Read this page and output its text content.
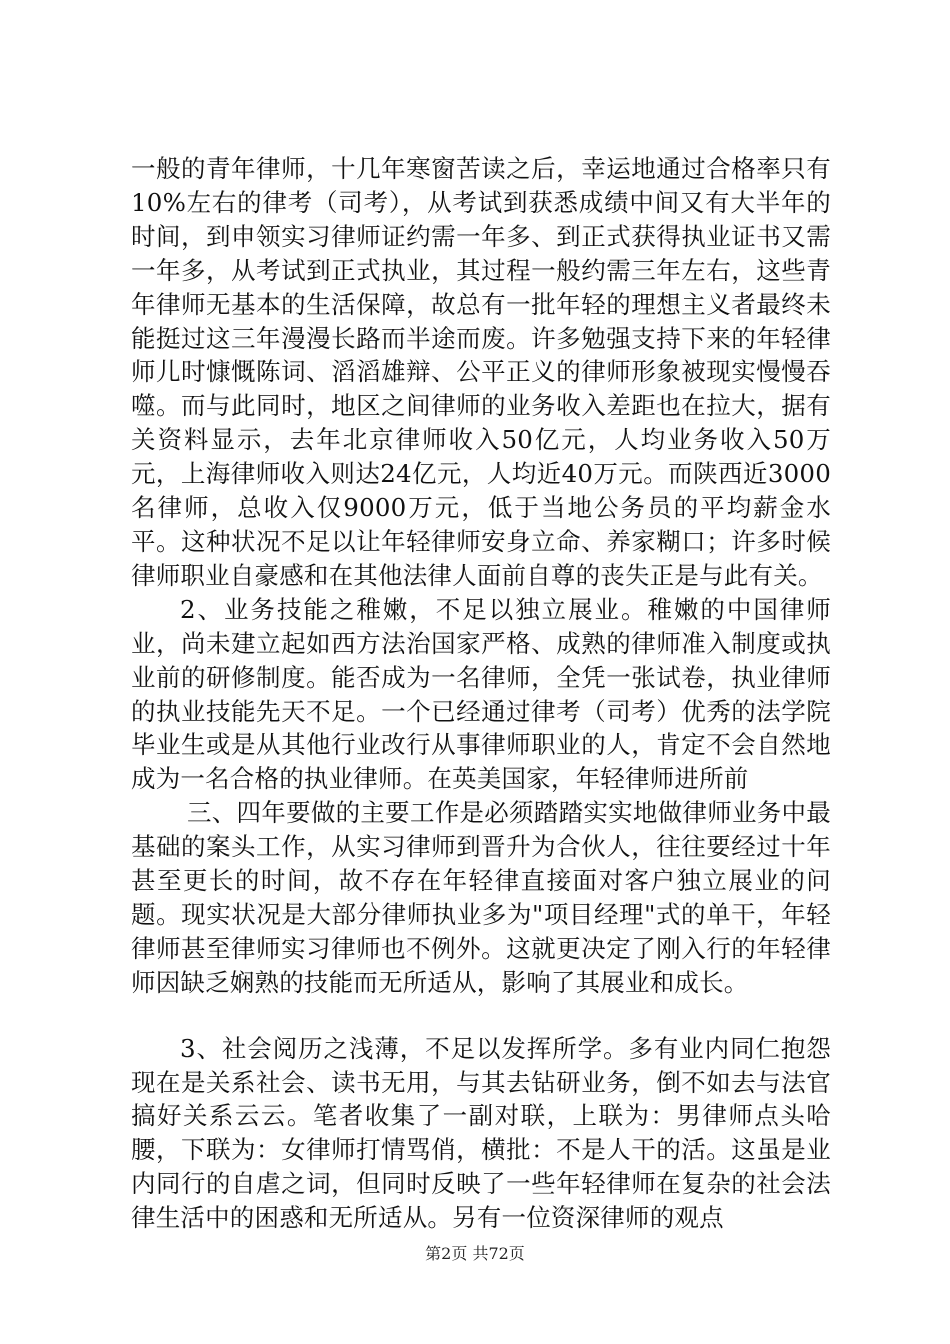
一般的青年律师，十几年寒窗苦读之后，幸运地通过合格率只有10%左右的律考（司考），从考试到获悉成绩中间又有大半年的时间，到申领实习律师证约需一年多、到正式获得执业证书又需一年多，从考试到正式执业，其过程一般约需三年左右，这些青年律师无基本的生活保障，故总有一批年轻的理想主义者最终未能挺过这三年漫漫长路而半途而废。许多勉强支持下来的年轻律师儿时慷慨陈词、滔滔雄辩、公平正义的律师形象被现实慢慢吞噬。而与此同时，地区之间律师的业务收入差距也在拉大，据有关资料显示，去年北京律师收入50亿元，人均业务收入50万元，上海律师收入则达24亿元，人均近40万元。而陕西近3000名律师，总收入仅9000万元，低于当地公务员的平均薪金水平。这种状况不足以让年轻律师安身立命、养家糊口；许多时候律师职业自豪感和在其他法律人面前自尊的丧失正是与此有关。

2、业务技能之稚嫩，不足以独立展业。稚嫩的中国律师业，尚未建立起如西方法治国家严格、成熟的律师准入制度或执业前的研修制度。能否成为一名律师，全凭一张试卷，执业律师的执业技能先天不足。一个已经通过律考（司考）优秀的法学院毕业生或是从其他行业改行从事律师职业的人，肯定不会自然地成为一名合格的执业律师。在英美国家，年轻律师进所前

三、四年要做的主要工作是必须踏踏实实地做律师业务中最基础的案头工作，从实习律师到晋升为合伙人，往往要经过十年甚至更长的时间，故不存在年轻律直接面对客户独立展业的问题。现实状况是大部分律师执业多为"项目经理"式的单干，年轻律师甚至律师实习律师也不例外。这就更决定了刚入行的年轻律师因缺乏娴熟的技能而无所适从，影响了其展业和成长。

3、社会阅历之浅薄，不足以发挥所学。多有业内同仁抱怨现在是关系社会、读书无用，与其去钻研业务，倒不如去与法官搞好关系云云。笔者收集了一副对联，上联为：男律师点头哈腰，下联为：女律师打情骂俏，横批：不是人干的活。这虽是业内同行的自虐之词，但同时反映了一些年轻律师在复杂的社会法律生活中的困惑和无所适从。另有一位资深律师的观点

第2页 共72页
